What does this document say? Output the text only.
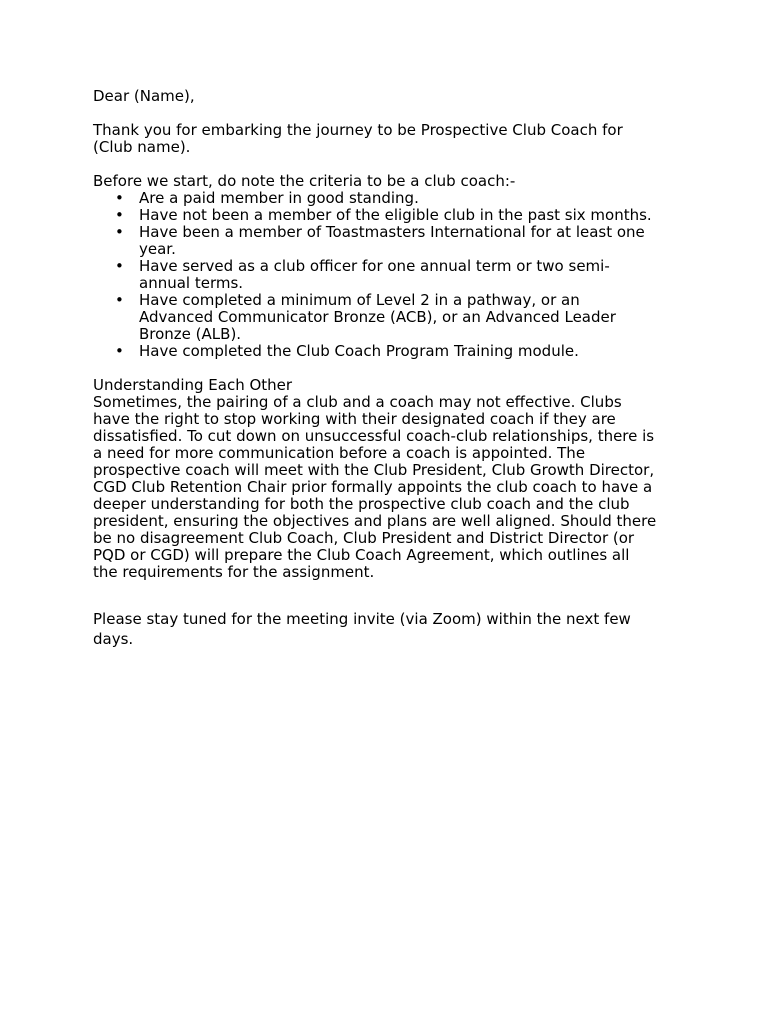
Dear (Name),

Thank you for embarking the journey to be Prospective Club Coach for
(Club name).

Before we start, do note the criteria to be a club coach:-

• Are a paid member in good standing.
• Have not been a member of the eligible club in the past six months.
• Have been a member of Toastmasters International for at least one
year.
• Have served as a club officer for one annual term or two semi-
annual terms.
• Have completed a minimum of Level 2 in a pathway, or an
Advanced Communicator Bronze (ACB), or an Advanced Leader
Bronze (ALB).
• Have completed the Club Coach Program Training module.

Understanding Each Other

Sometimes, the pairing of a club and a coach may not effective. Clubs
have the right to stop working with their designated coach if they are
dissatisfied. To cut down on unsuccessful coach-club relationships, there is
a need for more communication before a coach is appointed. The
prospective coach will meet with the Club President, Club Growth Director,
CGD Club Retention Chair prior formally appoints the club coach to have a
deeper understanding for both the prospective club coach and the club
president, ensuring the objectives and plans are well aligned. Should there
be no disagreement Club Coach, Club President and District Director (or
PQD or CGD) will prepare the Club Coach Agreement, which outlines all
the requirements for the assignment.

Please stay tuned for the meeting invite (via Zoom) within the next few
days.
